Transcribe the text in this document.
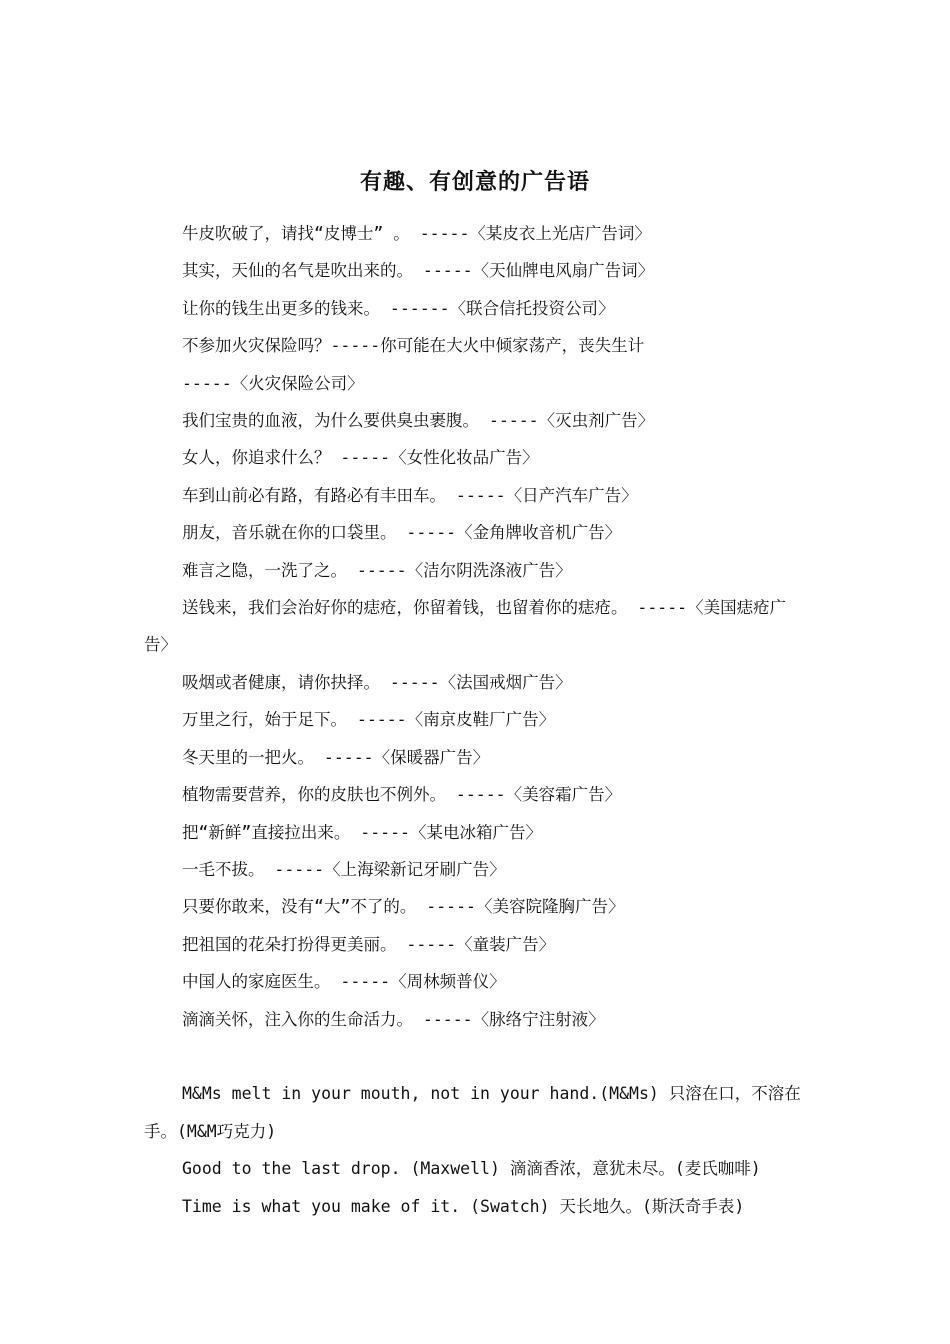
有趣、有创意的广告语

牛皮吹破了，请找“皮博士” 。 -----〈某皮衣上光店广告词〉

其实，天仙的名气是吹出来的。 -----〈天仙牌电风扇广告词〉

让你的钱生出更多的钱来。 ------〈联合信托投资公司〉

不参加火灾保险吗？-----你可能在大火中倾家荡产，丧失生计

-----〈火灾保险公司〉

我们宝贵的血液，为什么要供臭虫裹腹。 -----〈灭虫剂广告〉

女人，你追求什么？ -----〈女性化妆品广告〉

车到山前必有路，有路必有丰田车。 -----〈日产汽车广告〉

朋友，音乐就在你的口袋里。 -----〈金角牌收音机广告〉

难言之隐，一洗了之。 -----〈洁尔阴洗涤液广告〉

送钱来，我们会治好你的痣疮，你留着钱，也留着你的痣疮。 -----〈美国痣疮广告〉

吸烟或者健康，请你抉择。 -----〈法国戒烟广告〉

万里之行，始于足下。 -----〈南京皮鞋厂广告〉

冬天里的一把火。 -----〈保暖器广告〉

植物需要营养，你的皮肤也不例外。 -----〈美容霜广告〉

把“新鲜”直接拉出来。 -----〈某电冰箱广告〉

一毛不拔。 -----〈上海梁新记牙刷广告〉

只要你敢来，没有“大”不了的。 -----〈美容院隆胸广告〉

把祖国的花朵打扮得更美丽。 -----〈童装广告〉

中国人的家庭医生。 -----〈周林频普仪〉

滴滴关怀，注入你的生命活力。 -----〈脉络宁注射液〉

M&Ms melt in your mouth, not in your hand.(M&Ms) 只溶在口，不溶在手。(M&M巧克力)

Good to the last drop. (Maxwell) 滴滴香浓，意犹未尽。(麦氏咖啡)

Time is what you make of it. (Swatch) 天长地久。(斯沃奇手表)
